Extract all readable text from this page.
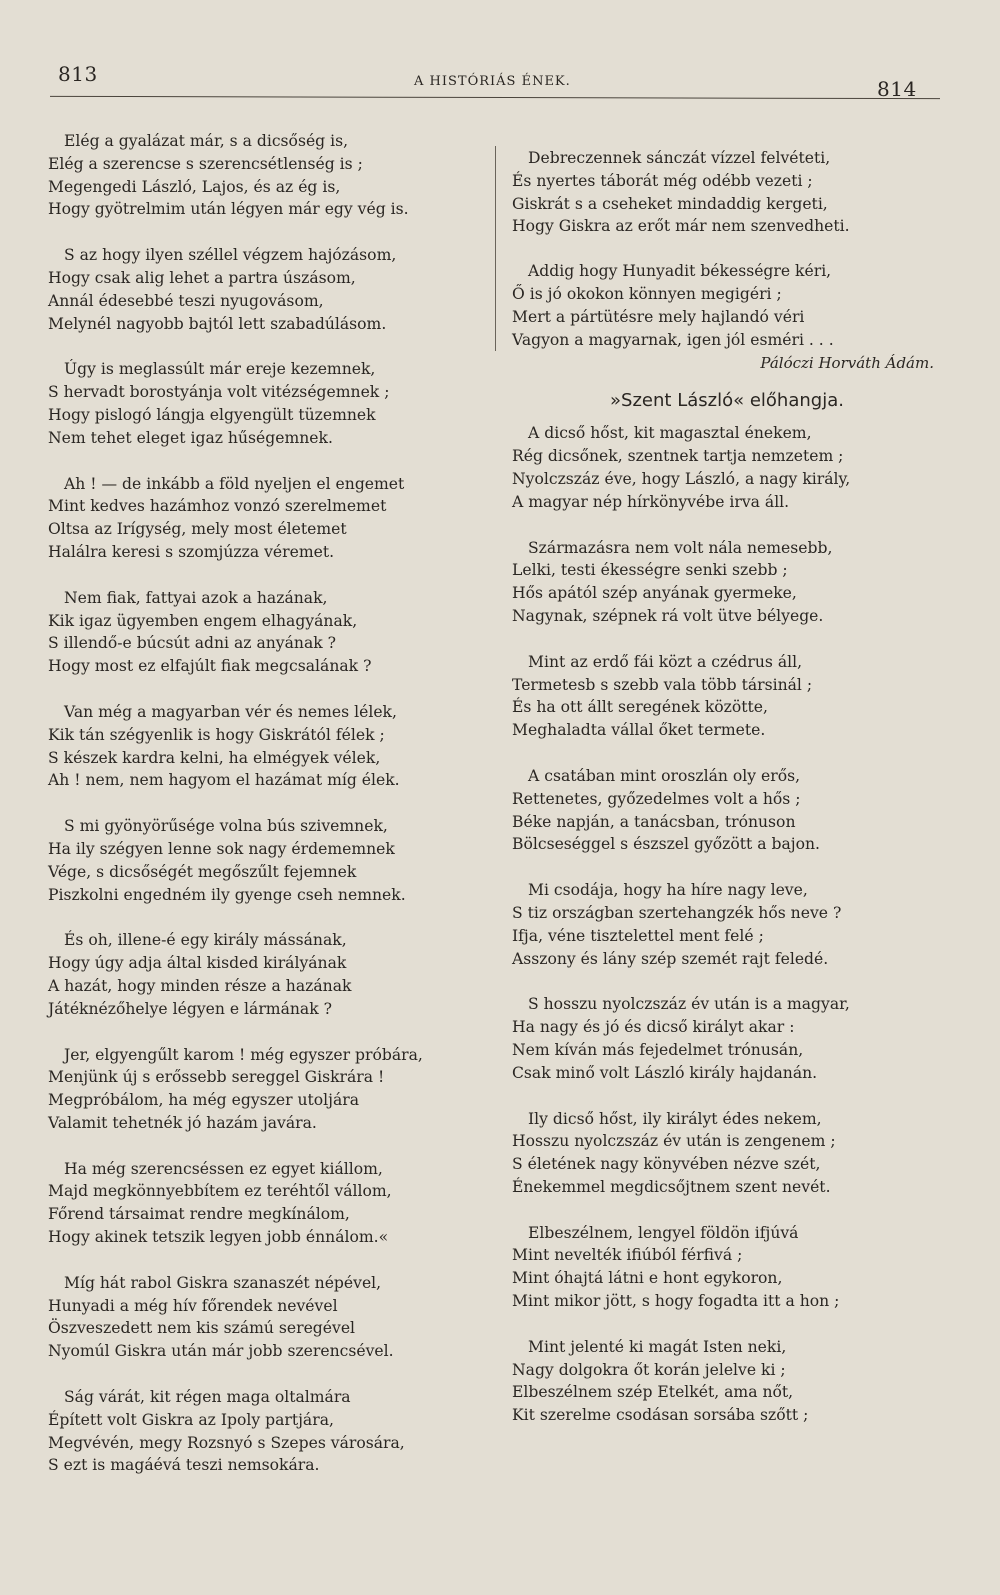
813	A HISTÓRIÁS ÉNEK.	814
Elég a gyalázat már, s a dicsőség is,
Elég a szerencse s szerencsétlenség is ;
Megengedi László, Lajos, és az ég is,
Hogy gyötrelmim után légyen már egy vég is.
S az hogy ilyen széllel végzem hajózásom,
Hogy csak alig lehet a partra úszásom,
Annál édesebbé teszi nyugovásom,
Melynél nagyobb bajtól lett szabadúlásom.
Úgy is meglassúlt már ereje kezemnek,
S hervadt borostyánja volt vitézségemnek ;
Hogy pislogó lángja elgyengült tüzemnek
Nem tehet eleget igaz hűségemnek.
Ah ! — de inkább a föld nyeljen el engemet
Mint kedves hazámhoz vonzó szerelmemet
Oltsa az Irígység, mely most életemet
Halálra keresi s szomjúzza véremet.
Nem fiak, fattyai azok a hazának,
Kik igaz ügyemben engem elhagyának,
S illendő-e búcsút adni az anyának ?
Hogy most ez elfajúlt fiak megcsalának ?
Van még a magyarban vér és nemes lélek,
Kik tán szégyenlik is hogy Giskrától félek ;
S készek kardra kelni, ha elmégyek vélek,
Ah ! nem, nem hagyom el hazámat míg élek.
S mi gyönyörűsége volna bús szivemnek,
Ha ily szégyen lenne sok nagy érdememnek
Vége, s dicsőségét megőszűlt fejemnek
Piszkolni engedném ily gyenge cseh nemnek.
És oh, illene-é egy király mássának,
Hogy úgy adja által kisded királyának
A hazát, hogy minden része a hazának
Játéknézőhelye légyen e lármának ?
Jer, elgyengűlt karom ! még egyszer próbára,
Menjünk új s erőssebb sereggel Giskrára !
Megpróbálom, ha még egyszer utoljára
Valamit tehetnék jó hazám javára.
Ha még szerencséssen ez egyet kiállom,
Majd megkönnyebbítem ez teréhtől vállom,
Főrend társaimat rendre megkínálom,
Hogy akinek tetszik legyen jobb énnálom.«
Míg hát rabol Giskra szanaszét népével,
Hunyadi a még hív főrendek nevével
Öszveszedett nem kis számú seregével
Nyomúl Giskra után már jobb szerencsével.
Ság várát, kit régen maga oltalmára
Épített volt Giskra az Ipoly partjára,
Megvévén, megy Rozsnyó s Szepes városára,
S ezt is magáévá teszi nemsokára.
Debreczennek sánczát vízzel felvéteti,
És nyertes táborát még odébb vezeti ;
Giskrát s a cseheket mindaddig kergeti,
Hogy Giskra az erőt már nem szenvedheti.
Addig hogy Hunyadit békességre kéri,
Ő is jó okokon könnyen megigéri ;
Mert a pártütésre mely hajlandó véri
Vagyon a magyarnak, igen jól esméri . . .
Pálóczi Horváth Ádám.
»Szent László« előhangja.
A dicső hőst, kit magasztal énekem,
Rég dicsőnek, szentnek tartja nemzetem ;
Nyolczszáz éve, hogy László, a nagy király,
A magyar nép hírkönyvébe irva áll.
Származásra nem volt nála nemesebb,
Lelki, testi ékességre senki szebb ;
Hős apától szép anyának gyermeke,
Nagynak, szépnek rá volt ütve bélyege.
Mint az erdő fái közt a czédrus áll,
Termetesb s szebb vala több társinál ;
És ha ott állt seregének közötte,
Meghaladta vállal őket termete.
A csatában mint oroszlán oly erős,
Rettenetes, győzedelmes volt a hős ;
Béke napján, a tanácsban, trónuson
Bölcseséggel s észszel győzött a bajon.
Mi csodája, hogy ha híre nagy leve,
S tiz országban szertehangzék hős neve ?
Ifja, véne tisztelettel ment felé ;
Asszony és lány szép szemét rajt feledé.
S hosszu nyolczszáz év után is a magyar,
Ha nagy és jó és dicső királyt akar :
Nem kíván más fejedelmet trónusán,
Csak minő volt László király hajdanán.
Ily dicső hőst, ily királyt édes nekem,
Hosszu nyolczszáz év után is zengenem ;
S életének nagy könyvében nézve szét,
Énekemmel megdicsőjtnem szent nevét.
Elbeszélnem, lengyel földön ifjúvá
Mint nevelték ifiúból férfivá ;
Mint óhajtá látni e hont egykoron,
Mint mikor jött, s hogy fogadta itt a hon ;
Mint jelenté ki magát Isten neki,
Nagy dolgokra őt korán jelelve ki ;
Elbeszélnem szép Etelkét, ama nőt,
Kit szerelme csodásan sorsába szőtt ;
